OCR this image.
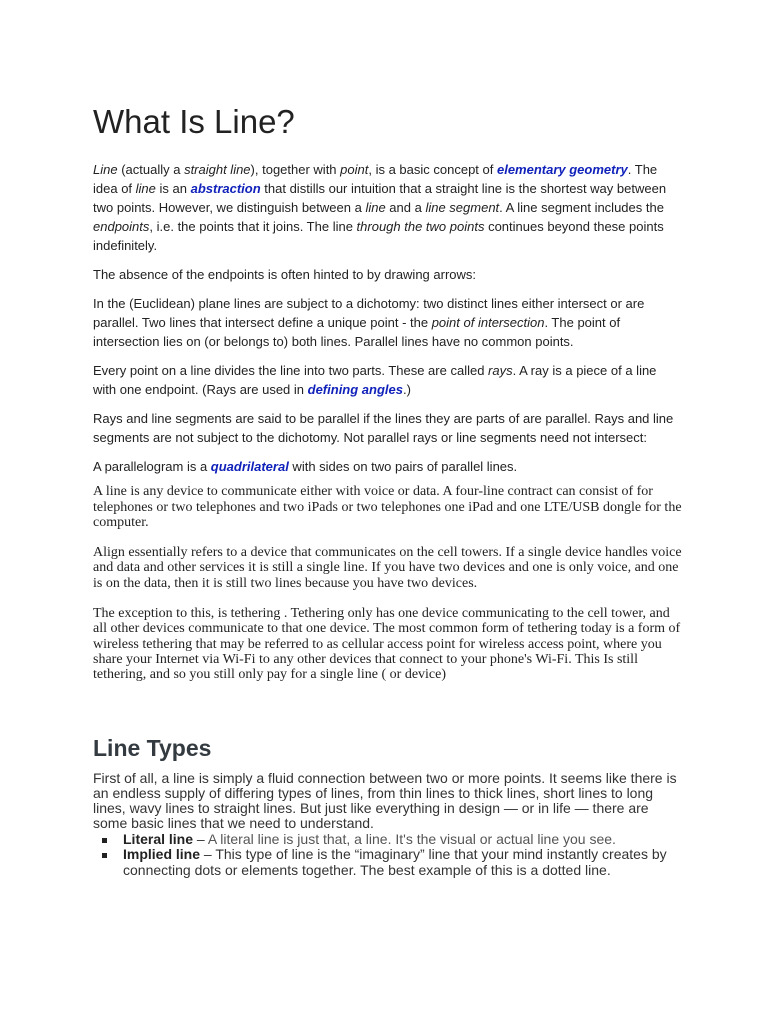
What Is Line?

Line (actually a straight line), together with point, is a basic concept of elementary geometry. The idea of line is an abstraction that distills our intuition that a straight line is the shortest way between two points. However, we distinguish between a line and a line segment. A line segment includes the endpoints, i.e. the points that it joins. The line through the two points continues beyond these points indefinitely.

The absence of the endpoints is often hinted to by drawing arrows:

In the (Euclidean) plane lines are subject to a dichotomy: two distinct lines either intersect or are parallel. Two lines that intersect define a unique point - the point of intersection. The point of intersection lies on (or belongs to) both lines. Parallel lines have no common points.

Every point on a line divides the line into two parts. These are called rays. A ray is a piece of a line with one endpoint. (Rays are used in defining angles.)

Rays and line segments are said to be parallel if the lines they are parts of are parallel. Rays and line segments are not subject to the dichotomy. Not parallel rays or line segments need not intersect:

A parallelogram is a quadrilateral with sides on two pairs of parallel lines.

A line is any device to communicate either with voice or data. A four-line contract can consist of for telephones or two telephones and two iPads or two telephones one iPad and one LTE/USB dongle for the computer.

Align essentially refers to a device that communicates on the cell towers. If a single device handles voice and data and other services it is still a single line. If you have two devices and one is only voice, and one is on the data, then it is still two lines because you have two devices.

The exception to this, is tethering . Tethering only has one device communicating to the cell tower, and all other devices communicate to that one device. The most common form of tethering today is a form of wireless tethering that may be referred to as cellular access point for wireless access point, where you share your Internet via Wi-Fi to any other devices that connect to your phone's Wi-Fi. This Is still tethering, and so you still only pay for a single line ( or device)

Line Types

First of all, a line is simply a fluid connection between two or more points. It seems like there is an endless supply of differing types of lines, from thin lines to thick lines, short lines to long lines, wavy lines to straight lines. But just like everything in design — or in life — there are some basic lines that we need to understand.

Literal line – A literal line is just that, a line. It's the visual or actual line you see.
Implied line – This type of line is the “imaginary” line that your mind instantly creates by connecting dots or elements together. The best example of this is a dotted line.
